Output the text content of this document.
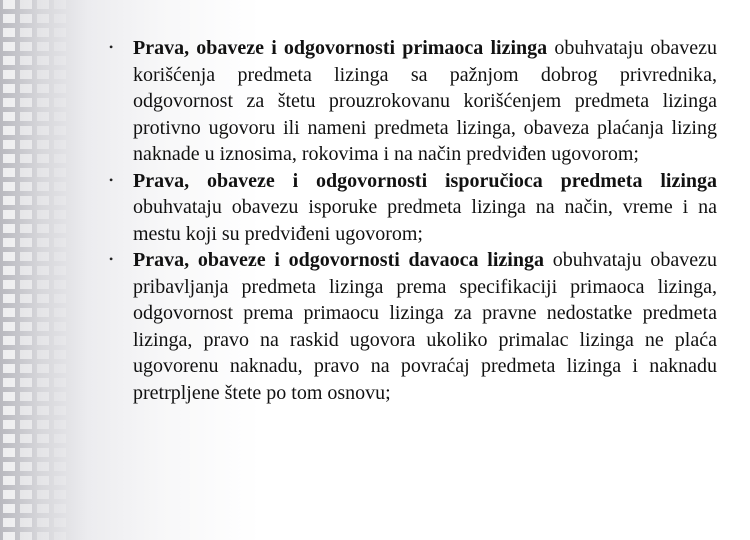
• Prava, obaveze i odgovornosti primaoca lizinga obuhvataju obavezu korišćenja predmeta lizinga sa pažnjom dobrog privrednika, odgovornost za štetu prouzrokovanu korišćenjem predmeta lizinga protivno ugovoru ili nameni predmeta lizinga, obaveza plaćanja lizing naknade u iznosima, rokovima i na način predviđen ugovorom;
• Prava, obaveze i odgovornosti isporučioca predmeta lizinga obuhvataju obavezu isporuke predmeta lizinga na način, vreme i na mestu koji su predviđeni ugovorom;
• Prava, obaveze i odgovornosti davaoca lizinga obuhvataju obavezu pribavljanja predmeta lizinga prema specifikaciji primaoca lizinga, odgovornost prema primaocu lizinga za pravne nedostatke predmeta lizinga, pravo na raskid ugovora ukoliko primalac lizinga ne plaća ugovorenu naknadu, pravo na povraćaj predmeta lizinga i naknadu pretrpljene štete po tom osnovu;
